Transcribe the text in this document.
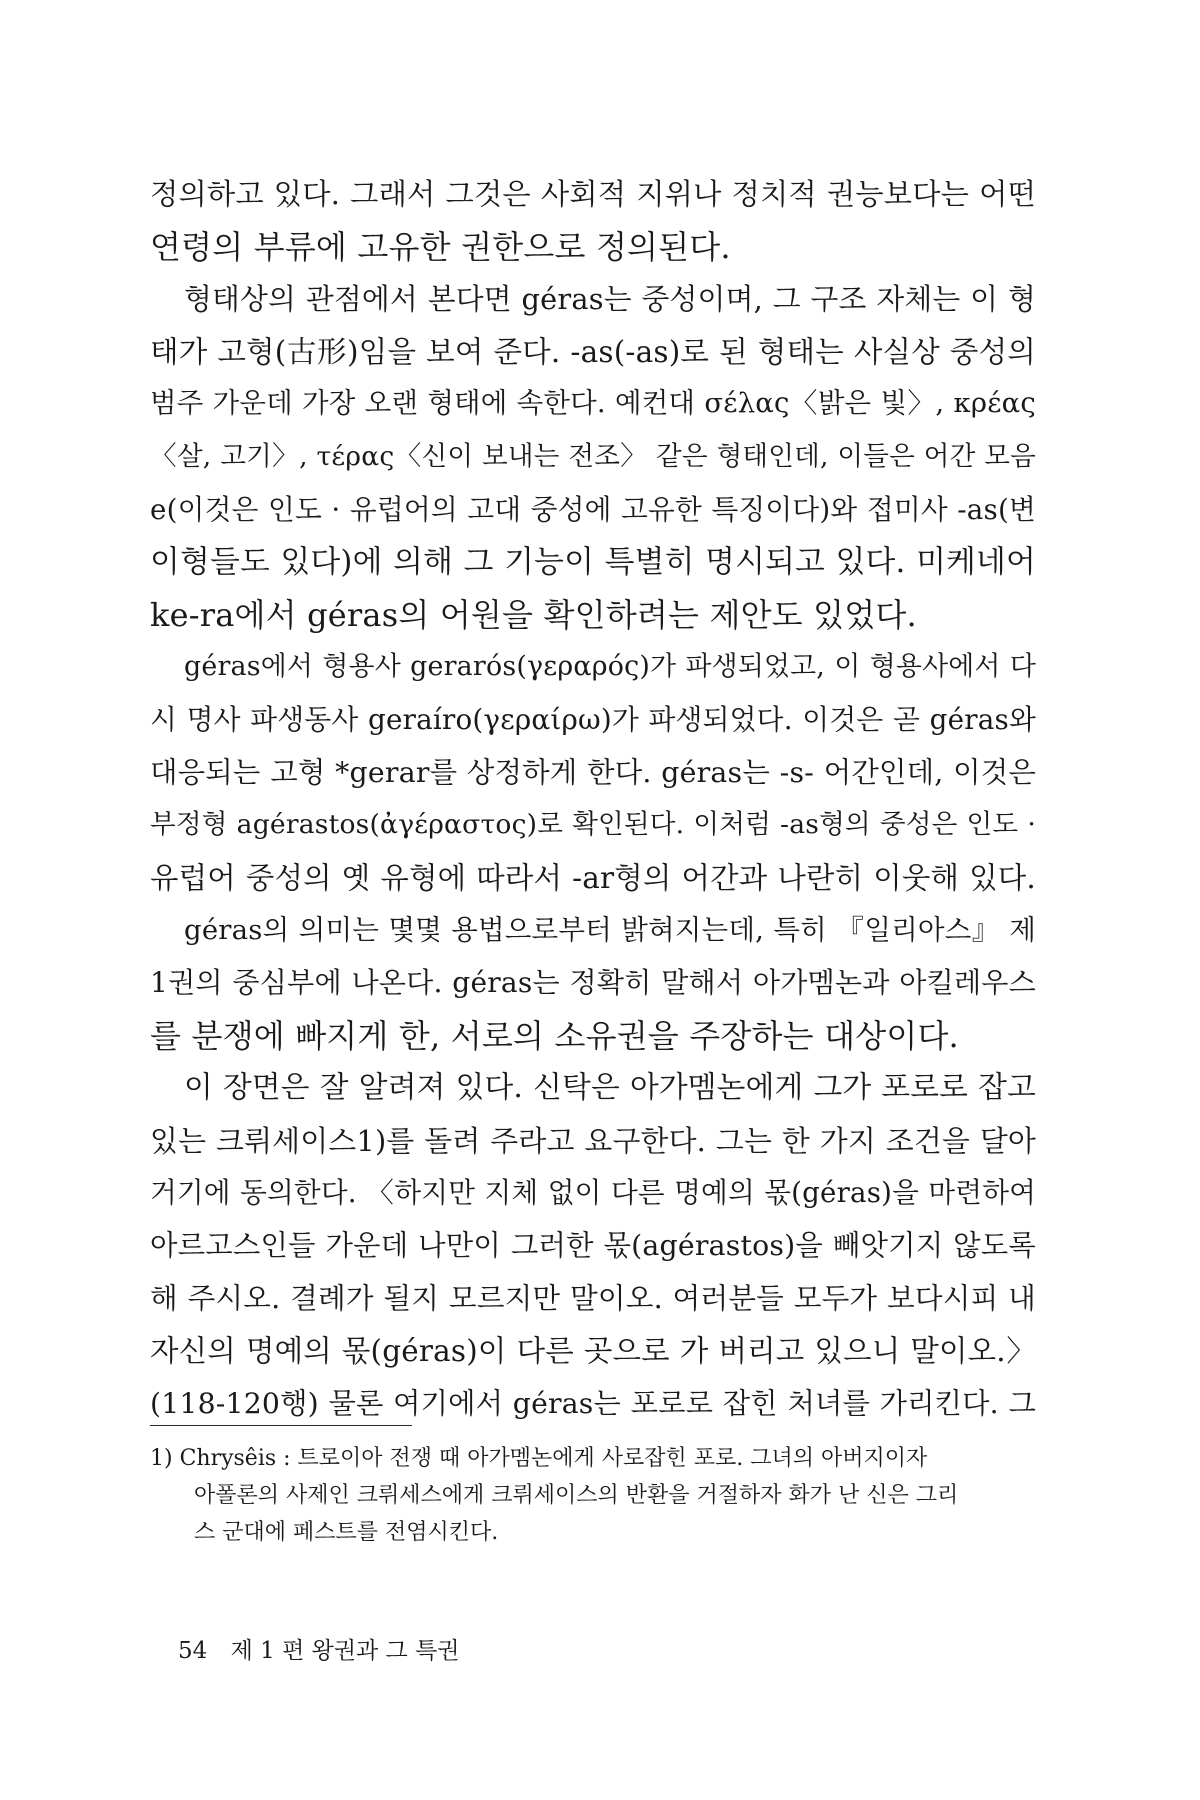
정의하고 있다. 그래서 그것은 사회적 지위나 정치적 권능보다는 어떤
연령의 부류에 고유한 권한으로 정의된다.

형태상의 관점에서 본다면 géras는 중성이며, 그 구조 자체는 이 형
태가 고형(古形)임을 보여 준다. -as(-as)로 된 형태는 사실상 중성의
범주 가운데 가장 오랜 형태에 속한다. 예컨대 σέλας〈밝은 빛〉, κρέας
〈살, 고기〉, τέρας〈신이 보내는 전조〉 같은 형태인데, 이들은 어간 모음
e(이것은 인도 · 유럽어의 고대 중성에 고유한 특징이다)와 접미사 -as(변
이형들도 있다)에 의해 그 기능이 특별히 명시되고 있다. 미케네어
ke-ra에서 géras의 어원을 확인하려는 제안도 있었다.

géras에서 형용사 gerarós(γεραρός)가 파생되었고, 이 형용사에서 다
시 명사 파생동사 geraíro(γεραίρω)가 파생되었다. 이것은 곧 géras와
대응되는 고형 *gerar를 상정하게 한다. géras는 -s- 어간인데, 이것은
부정형 agérastos(ἀγέραστος)로 확인된다. 이처럼 -as형의 중성은 인도 ·
유럽어 중성의 옛 유형에 따라서 -ar형의 어간과 나란히 이웃해 있다.

géras의 의미는 몇몇 용법으로부터 밝혀지는데, 특히 『일리아스』 제
1권의 중심부에 나온다. géras는 정확히 말해서 아가멤논과 아킬레우스
를 분쟁에 빠지게 한, 서로의 소유권을 주장하는 대상이다.

이 장면은 잘 알려져 있다. 신탁은 아가멤논에게 그가 포로로 잡고
있는 크뤼세이스1)를 돌려 주라고 요구한다. 그는 한 가지 조건을 달아
거기에 동의한다. 〈하지만 지체 없이 다른 명예의 몫(géras)을 마련하여
아르고스인들 가운데 나만이 그러한 몫(agérastos)을 빼앗기지 않도록
해 주시오. 결례가 될지 모르지만 말이오. 여러분들 모두가 보다시피 내
자신의 명예의 몫(géras)이 다른 곳으로 가 버리고 있으니 말이오.〉
(118-120행) 물론 여기에서 géras는 포로로 잡힌 처녀를 가리킨다. 그

1) Chrysêis : 트로이아 전쟁 때 아가멤논에게 사로잡힌 포로. 그녀의 아버지이자
아폴론의 사제인 크뤼세스에게 크뤼세이스의 반환을 거절하자 화가 난 신은 그리
스 군대에 페스트를 전염시킨다.
54 제 1 편 왕권과 그 특권
